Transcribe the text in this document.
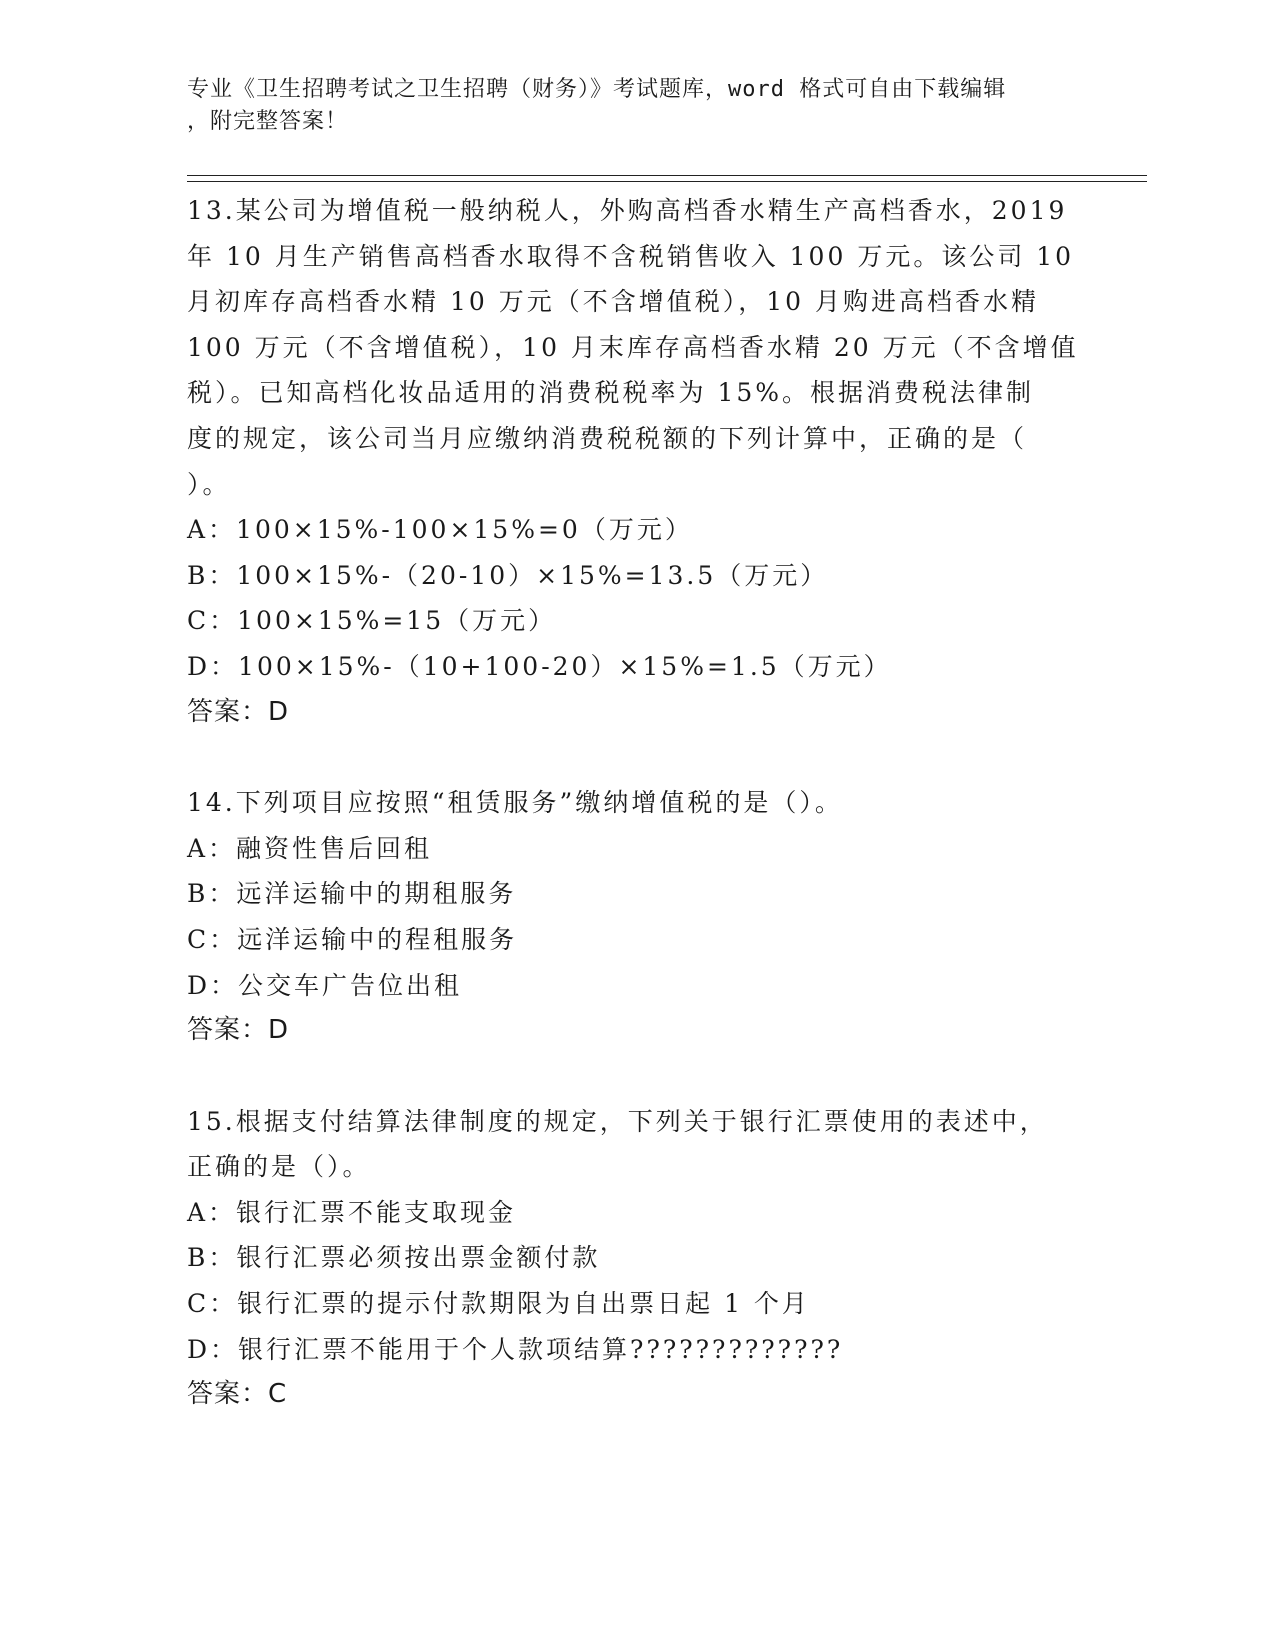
专业《卫生招聘考试之卫生招聘（财务）》考试题库，word 格式可自由下载编辑
，附完整答案！
13.某公司为增值税一般纳税人，外购高档香水精生产高档香水，2019
年 10 月生产销售高档香水取得不含税销售收入 100 万元。该公司 10
月初库存高档香水精 10 万元（不含增值税），10 月购进高档香水精
100 万元（不含增值税），10 月末库存高档香水精 20 万元（不含增值
税）。已知高档化妆品适用的消费税税率为 15%。根据消费税法律制
度的规定，该公司当月应缴纳消费税税额的下列计算中，正确的是（
）。
A：100×15%-100×15%=0（万元）
B：100×15%-（20-10）×15%=13.5（万元）
C：100×15%=15（万元）
D：100×15%-（10+100-20）×15%=1.5（万元）
答案：D
14.下列项目应按照“租赁服务”缴纳增值税的是（）。
A：融资性售后回租
B：远洋运输中的期租服务
C：远洋运输中的程租服务
D：公交车广告位出租
答案：D
15.根据支付结算法律制度的规定，下列关于银行汇票使用的表述中，
正确的是（）。
A：银行汇票不能支取现金
B：银行汇票必须按出票金额付款
C：银行汇票的提示付款期限为自出票日起 1 个月
D：银行汇票不能用于个人款项结算?????????????
答案：C
